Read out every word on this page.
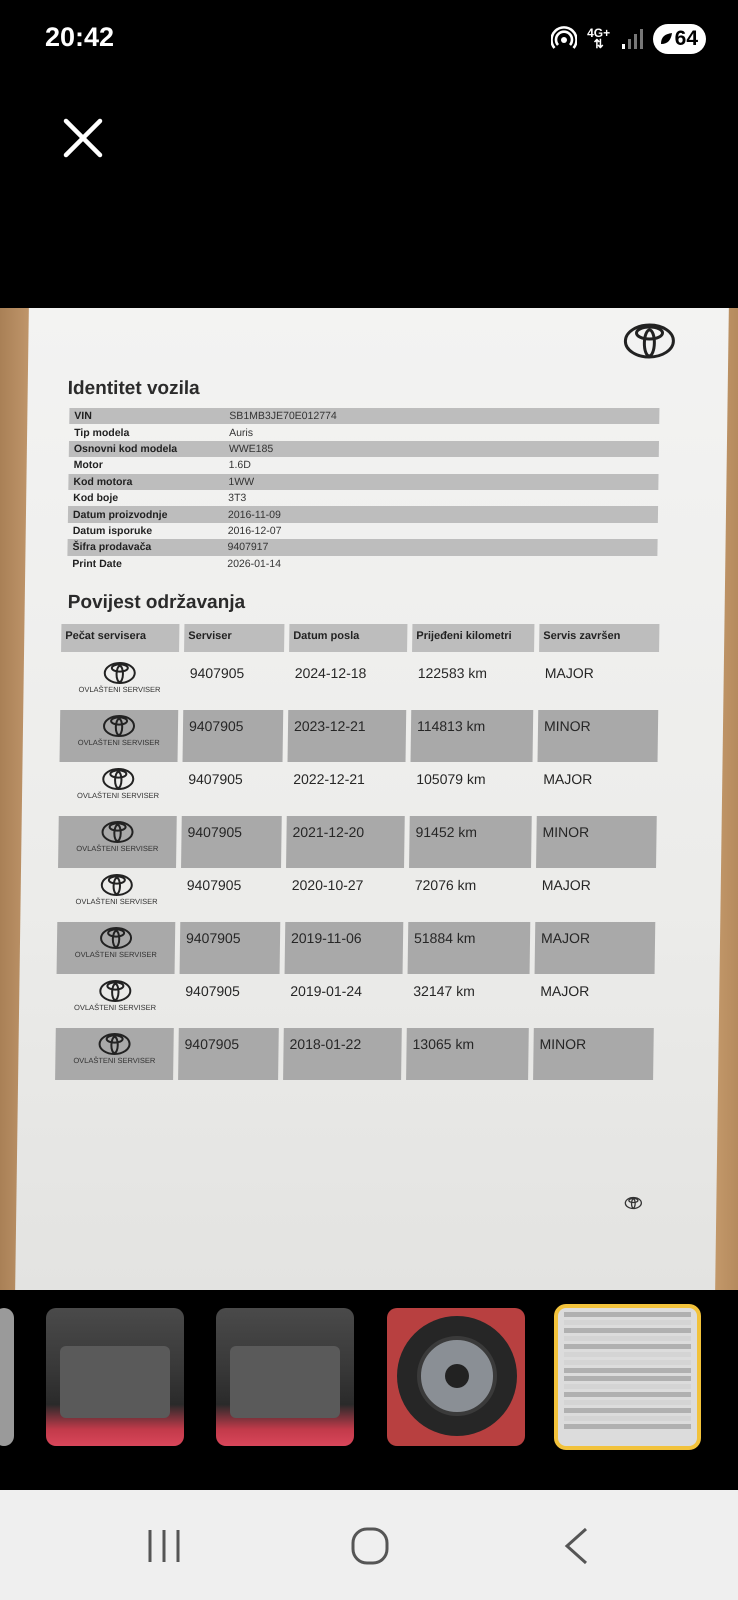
20:42	4G+
⇅	64
Identitet vozila
VIN	SB1MB3JE70E012774
Tip modela	Auris
Osnovni kod modela	WWE185
Motor	1.6D
Kod motora	1WW
Kod boje	3T3
Datum proizvodnje	2016-11-09
Datum isporuke	2016-12-07
Šifra prodavača	9407917
Print Date	2026-01-14
Povijest održavanja
Pečat servisera	Serviser	Datum posla	Prijeđeni kilometri	Servis završen
OVLAŠTENI SERVISER
9407905	2024-12-18	122583 km	MAJOR
OVLAŠTENI SERVISER
9407905	2023-12-21	114813 km	MINOR
OVLAŠTENI SERVISER
9407905	2022-12-21	105079 km	MAJOR
OVLAŠTENI SERVISER
9407905	2021-12-20	91452 km	MINOR
OVLAŠTENI SERVISER
9407905	2020-10-27	72076 km	MAJOR
OVLAŠTENI SERVISER
9407905	2019-11-06	51884 km	MAJOR
OVLAŠTENI SERVISER
9407905	2019-01-24	32147 km	MAJOR
OVLAŠTENI SERVISER
9407905	2018-01-22	13065 km	MINOR
